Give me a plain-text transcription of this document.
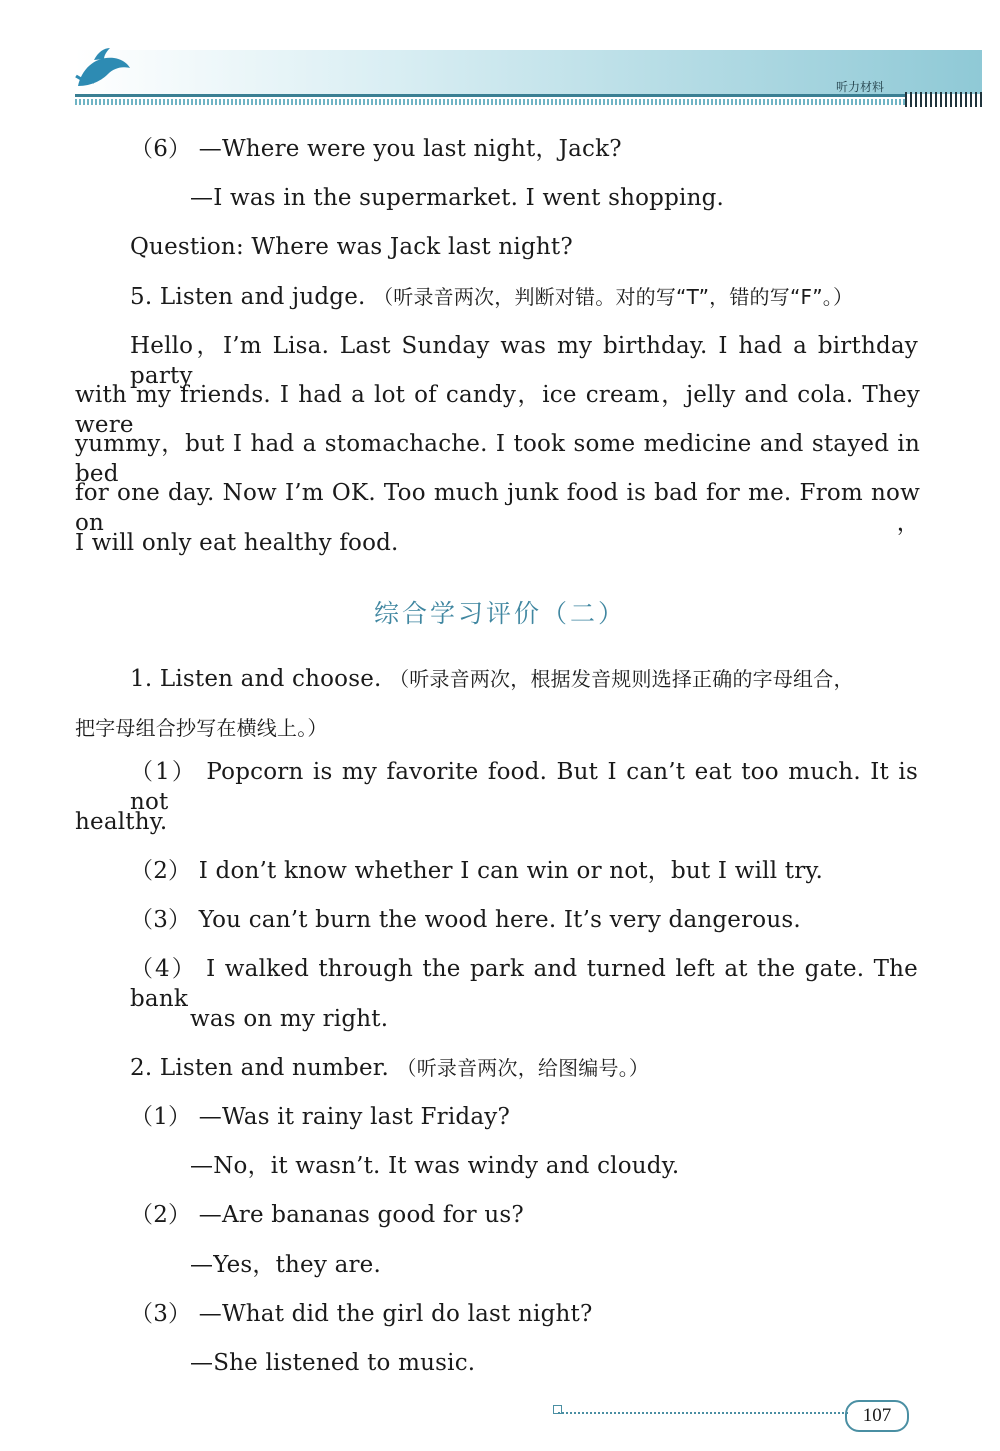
听力材料
（6） —Where were you last night，Jack?
—I was in the supermarket. I went shopping.
Question: Where was Jack last night?
5. Listen and judge. （听录音两次，判断对错。对的写“T”，错的写“F”。）
Hello，I’m Lisa. Last Sunday was my birthday. I had a birthday party
with my friends. I had a lot of candy，ice cream，jelly and cola. They were
yummy，but I had a stomachache. I took some medicine and stayed in bed
for one day. Now I’m OK. Too much junk food is bad for me. From now on，
I will only eat healthy food.
综合学习评价（二）
1. Listen and choose. （听录音两次，根据发音规则选择正确的字母组合，
把字母组合抄写在横线上。）
（1） Popcorn is my favorite food. But I can’t eat too much. It is not
healthy.
（2） I don’t know whether I can win or not，but I will try.
（3） You can’t burn the wood here. It’s very dangerous.
（4） I walked through the park and turned left at the gate. The bank
was on my right.
2. Listen and number. （听录音两次，给图编号。）
（1） —Was it rainy last Friday?
—No，it wasn’t. It was windy and cloudy.
（2） —Are bananas good for us?
—Yes，they are.
（3） —What did the girl do last night?
—She listened to music.
107
